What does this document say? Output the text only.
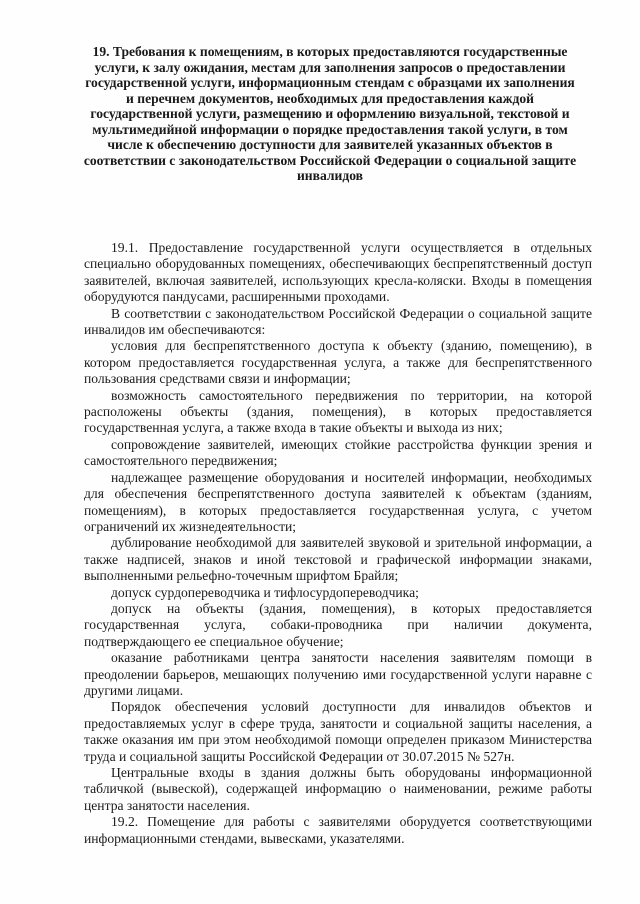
19. Требования к помещениям, в которых предоставляются государственные услуги, к залу ожидания, местам для заполнения запросов о предоставлении государственной услуги, информационным стендам с образцами их заполнения и перечнем документов, необходимых для предоставления каждой государственной услуги, размещению и оформлению визуальной, текстовой и мультимедийной информации о порядке предоставления такой услуги, в том числе к обеспечению доступности для заявителей указанных объектов в соответствии с законодательством Российской Федерации о социальной защите инвалидов

19.1. Предоставление государственной услуги осуществляется в отдельных специально оборудованных помещениях, обеспечивающих беспрепятственный доступ заявителей, включая заявителей, использующих кресла-коляски. Входы в помещения оборудуются пандусами, расширенными проходами.

В соответствии с законодательством Российской Федерации о социальной защите инвалидов им обеспечиваются:

условия для беспрепятственного доступа к объекту (зданию, помещению), в котором предоставляется государственная услуга, а также для беспрепятственного пользования средствами связи и информации;

возможность самостоятельного передвижения по территории, на которой расположены объекты (здания, помещения), в которых предоставляется государственная услуга, а также входа в такие объекты и выхода из них;

сопровождение заявителей, имеющих стойкие расстройства функции зрения и самостоятельного передвижения;

надлежащее размещение оборудования и носителей информации, необходимых для обеспечения беспрепятственного доступа заявителей к объектам (зданиям, помещениям), в которых предоставляется государственная услуга, с учетом ограничений их жизнедеятельности;

дублирование необходимой для заявителей звуковой и зрительной информации, а также надписей, знаков и иной текстовой и графической информации знаками, выполненными рельефно-точечным шрифтом Брайля;

допуск сурдопереводчика и тифлосурдопереводчика;

допуск на объекты (здания, помещения), в которых предоставляется государственная услуга, собаки-проводника при наличии документа, подтверждающего ее специальное обучение;

оказание работниками центра занятости населения заявителям помощи в преодолении барьеров, мешающих получению ими государственной услуги наравне с другими лицами.

Порядок обеспечения условий доступности для инвалидов объектов и предоставляемых услуг в сфере труда, занятости и социальной защиты населения, а также оказания им при этом необходимой помощи определен приказом Министерства труда и социальной защиты Российской Федерации от 30.07.2015 № 527н.

Центральные входы в здания должны быть оборудованы информационной табличкой (вывеской), содержащей информацию о наименовании, режиме работы центра занятости населения.

19.2. Помещение для работы с заявителями оборудуется соответствующими информационными стендами, вывесками, указателями.
